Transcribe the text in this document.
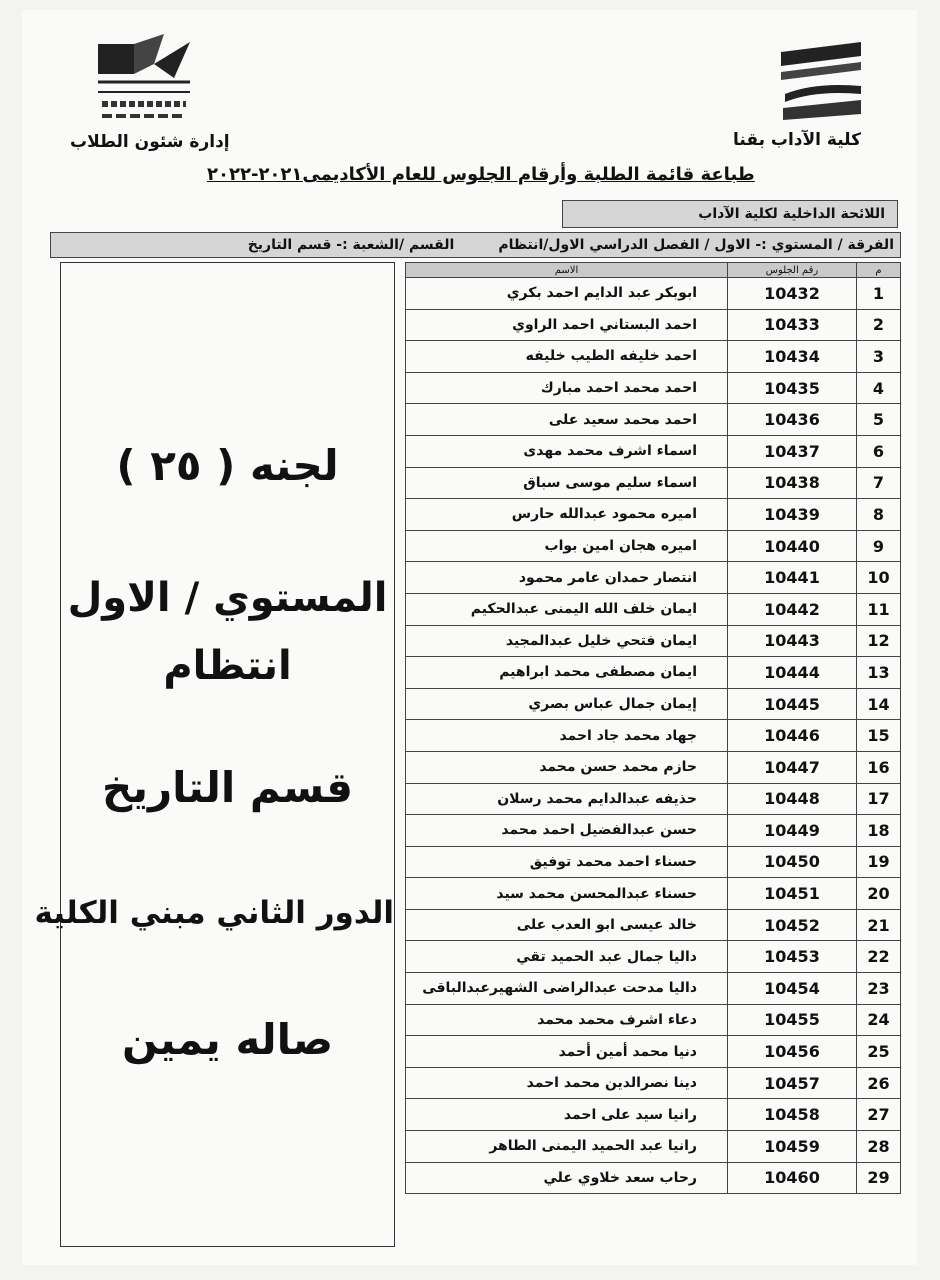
كلية الآداب بقنا
إدارة شئون الطلاب
طباعة قائمة الطلبة وأرقام الجلوس للعام الأكاديمى٢٠٢١-٢٠٢٢
اللائحة الداخلية لكلية الآداب
الفرقة / المستوي :- الاول / الفصل الدراسي الاول/انتظام
القسم /الشعبة :- قسم التاريخ
م	رقم الجلوس	الاسم
1	10432	ابوبكر عبد الدايم احمد بكري
2	10433	احمد البستاني احمد الراوي
3	10434	احمد خليفه الطيب خليفه
4	10435	احمد محمد احمد مبارك
5	10436	احمد محمد سعيد على
6	10437	اسماء اشرف محمد مهدى
7	10438	اسماء سليم موسى سباق
8	10439	اميره محمود عبدالله حارس
9	10440	اميره هجان امين بواب
10	10441	انتصار حمدان عامر محمود
11	10442	ايمان خلف الله اليمنى عبدالحكيم
12	10443	ايمان فتحي خليل عبدالمجيد
13	10444	ايمان مصطفى محمد ابراهيم
14	10445	إيمان جمال عباس بصري
15	10446	جهاد محمد جاد احمد
16	10447	حازم محمد حسن محمد
17	10448	حذيفه عبدالدايم محمد رسلان
18	10449	حسن عبدالفضيل احمد محمد
19	10450	حسناء احمد محمد توفيق
20	10451	حسناء عبدالمحسن محمد سيد
21	10452	خالد عيسى ابو العدب على
22	10453	داليا جمال عبد الحميد تقي
23	10454	داليا مدحت عبدالراضى الشهيرعبدالباقى
24	10455	دعاء اشرف محمد محمد
25	10456	دنيا محمد أمين أحمد
26	10457	دينا نصرالدين محمد احمد
27	10458	رانيا سيد على احمد
28	10459	رانيا عبد الحميد اليمنى الطاهر
29	10460	رحاب سعد خلاوي علي
لجنه ( ٢٥ )
المستوي / الاول
انتظام
قسم التاريخ
الدور الثاني مبني الكلية
صاله يمين
